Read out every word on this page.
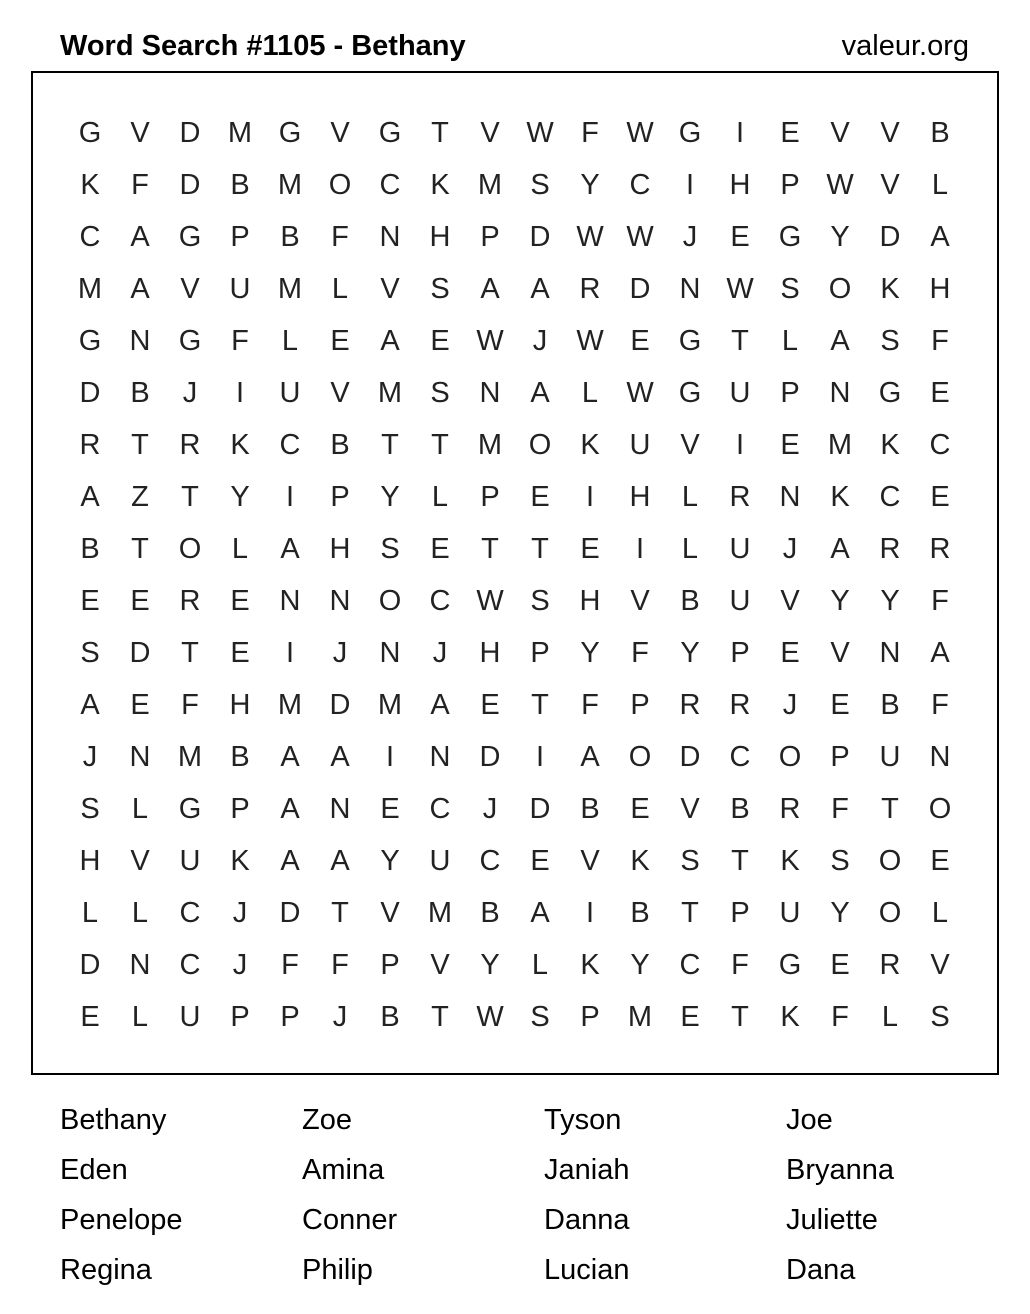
Word Search #1105 - Bethany	valeur.org
G	V	D M G	V	G	T	V W F W G	I	E	V	V	B
K	F	D	B M O C	K M S	Y	C	I	H	P W V	L
C	A	G	P	B	F	N	H	P	D W W	J	E	G	Y	D	A
M A	V	U M	L	V	S	A	A	R	D	N W S	O	K	H
G N G	F	L	E	A	E W	J	W E	G	T	L	A	S	F
D	B	J	I	U	V M S	N	A	L W G U	P	N G	E
R	T	R	K	C	B	T	T	M O	K	U	V	I	E M K	C
A	Z	T	Y	I	P	Y	L	P	E	I	H	L	R	N	K	C	E
B	T	O	L	A	H	S	E	T	T	E	I	L	U	J	A	R	R
E	E	R	E	N	N O C W S	H	V	B	U	V	Y	Y	F
S	D	T	E	I	J	N	J	H	P	Y	F	Y	P	E	V	N	A
A	E	F	H M D M A	E	T	F	P	R	R	J	E	B	F
J	N M B	A	A	I	N	D	I	A	O D	C O	P	U	N
S	L	G	P	A	N	E	C	J	D	B	E	V	B	R	F	T	O
H	V	U	K	A	A	Y	U	C	E	V	K	S	T	K	S	O	E
L	L	C	J	D	T	V M B	A	I	B	T	P	U	Y	O	L
D	N	C	J	F	F	P	V	Y	L	K	Y	C	F	G	E	R	V
E	L	U	P	P	J	B	T W S	P M E	T	K	F	L	S
Bethany	Zoe	Tyson	Joe
Eden	Amina	Janiah	Bryanna
Penelope	Conner	Danna	Juliette
Regina	Philip	Lucian	Dana
